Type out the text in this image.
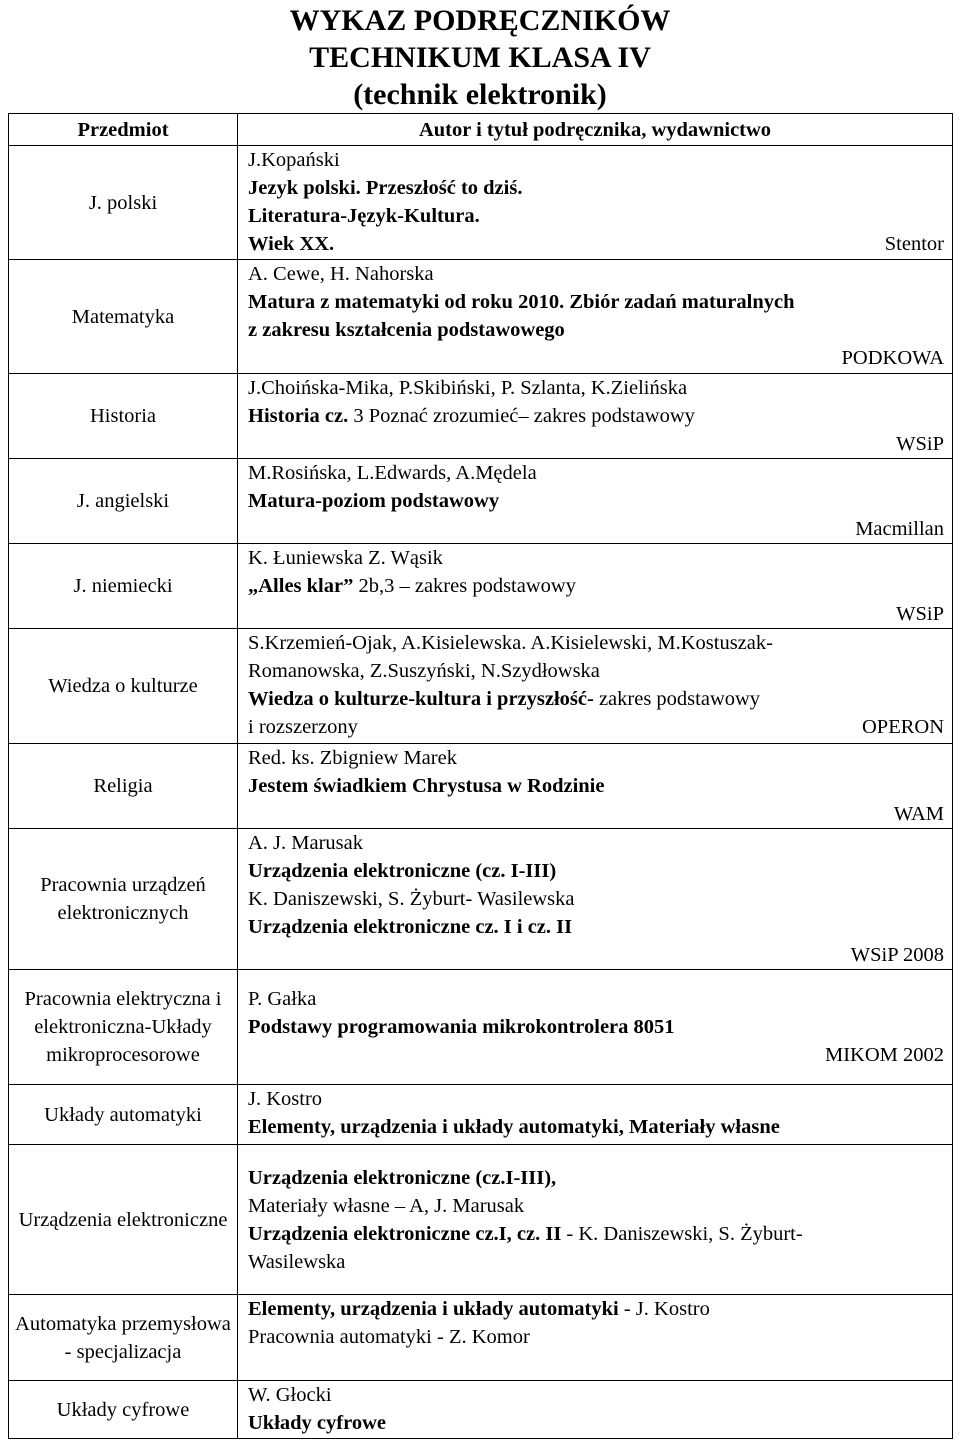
WYKAZ PODRĘCZNIKÓW
TECHNIKUM KLASA IV
(technik elektronik)
Przedmiot	Autor i tytuł podręcznika, wydawnictwo
J. polski	J.Kopański
Jezyk polski. Przeszłość to dziś.
Literatura-Język-Kultura.
Wiek XX. Stentor

Matematyka	A. Cewe, H. Nahorska
Matura z matematyki od roku 2010. Zbiór zadań maturalnych
z zakresu kształcenia podstawowego
PODKOWA

Historia	J.Choińska-Mika, P.Skibiński, P. Szlanta, K.Zielińska
Historia cz. 3 Poznać zrozumieć– zakres podstawowy
WSiP

J. angielski	M.Rosińska, L.Edwards, A.Mędela
Matura-poziom podstawowy
Macmillan

J. niemiecki	K. Łuniewska Z. Wąsik
„Alles klar” 2b,3 – zakres podstawowy
WSiP

Wiedza o kulturze	S.Krzemień-Ojak, A.Kisielewska. A.Kisielewski, M.Kostuszak-
Romanowska, Z.Suszyński, N.Szydłowska
Wiedza o kulturze-kultura i przyszłość- zakres podstawowy
i rozszerzony OPERON

Religia	Red. ks. Zbigniew Marek
Jestem świadkiem Chrystusa w Rodzinie
WAM

Pracownia urządzeń elektronicznych	A. J. Marusak
Urządzenia elektroniczne (cz. I-III)
K. Daniszewski, S. Żyburt- Wasilewska
Urządzenia elektroniczne cz. I i cz. II
WSiP 2008

Pracownia elektryczna i elektroniczna-Układy mikroprocesorowe	P. Gałka
Podstawy programowania mikrokontrolera 8051
MIKOM 2002

Układy automatyki	J. Kostro
Elementy, urządzenia i układy automatyki, Materiały własne

Urządzenia elektroniczne	Urządzenia elektroniczne (cz.I-III),
Materiały własne – A, J. Marusak
Urządzenia elektroniczne cz.I, cz. II - K. Daniszewski, S. Żyburt-
Wasilewska

Automatyka przemysłowa - specjalizacja	Elementy, urządzenia i układy automatyki - J. Kostro
Pracownia automatyki - Z. Komor

Układy cyfrowe	W. Głocki
Układy cyfrowe
